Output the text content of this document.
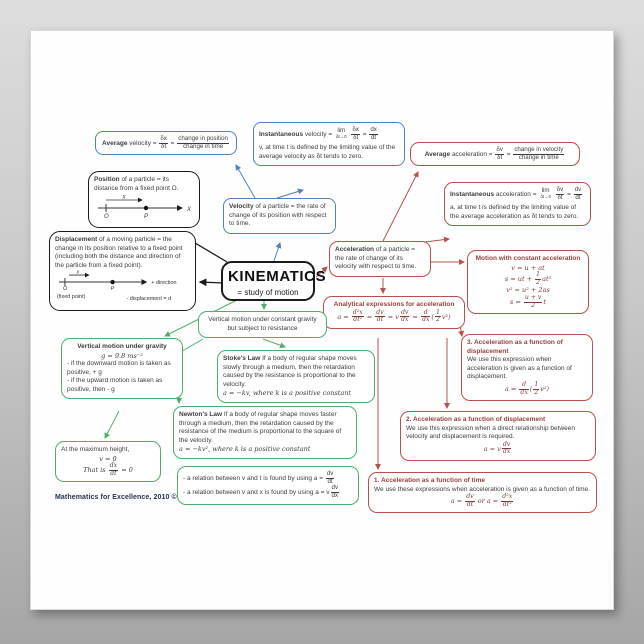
Average velocity = $\frac{\delta x}{\delta t}$ =
change in position
change in time
Instantaneous velocity = lim
δt→0
$\frac{\delta x}{\delta t} = \frac{dx}{dt}$
v, at time t is defined by the limiting value of the average velocity as δt tends to zero.
Position of a particle = its distance from a fixed point O.
x
X
O	P
Velocity of a particle = the rate of change of its position with respect to time.
Average acceleration = $\frac{\delta v}{\delta t}$ =
change in velocity
change in time
Instantaneous acceleration = lim
δt→0
$\frac{\delta v}{\delta t} = \frac{dv}{dt}$
a, at time t is defined by the limiting value of the average acceleration as δt tends to zero.
Displacement of a moving particle = the change in its position relative to a fixed point (including both the distance and direction of the particle from a fixed point).
x
+ direction
O	P
(fixed point)	- displacement = d
KINEMATICS
= study of motion
Acceleration of a particle = the rate of change of its velocity with respect to time.
Motion with constant acceleration
v = u + at
s = ut + $\frac{1}{2} at^2$
v² = u² + 2as
$s = \frac{u + v}{2}$ t
Analytical expressions for acceleration
$a = \frac{\text{d²x}}{\text{dt²}} = \frac{dv}{dt} = v \frac{dv}{dx} = \frac{d}{dx}$ ( $\frac{1}{2} v^2$)
Vertical motion under constant gravity but subject to resistance
Vertical motion under gravity
g = 9.8 ms⁻²
- if the downward motion is taken as positive, + g
- if the upward motion is taken as positive, then - g
Stoke's Law If a body of regular shape moves slowly through a medium, then the retardation caused by the resistance is proportional to the velocity.
a = −kv, where k is a positive constant
3. Acceleration as a function of displacement
We use this expression when acceleration is given as a function of displacement.
$a = \frac{d}{dx}$ ( $\frac{1}{2} v^2$)
Newton's Law If a body of regular shape moves faster through a medium, then the retardation caused by the resistance of the medium is proportional to the square of the velocity.
a = −kv², where k is a positive constant
2. Acceleration as a function of displacement
We use this expression when a direct relationship between velocity and displacement is required.
a = v $\frac{dv}{dx}$
At the maximum height,
v = 0
That is $\frac{dx}{dt} = 0$
- a relation between v and t is found by using $a = \frac{dv}{dt}$
- a relation between v and x is found by using a = v $\frac{dv}{dx}$
1. Acceleration as a function of time
We use these expressions when acceleration is given as a function of time.
$a = \frac{dv}{dt}$ or $a = \frac{\text{d²x}}{\text{dt²}}$
Mathematics for Excellence, 2010 ©
